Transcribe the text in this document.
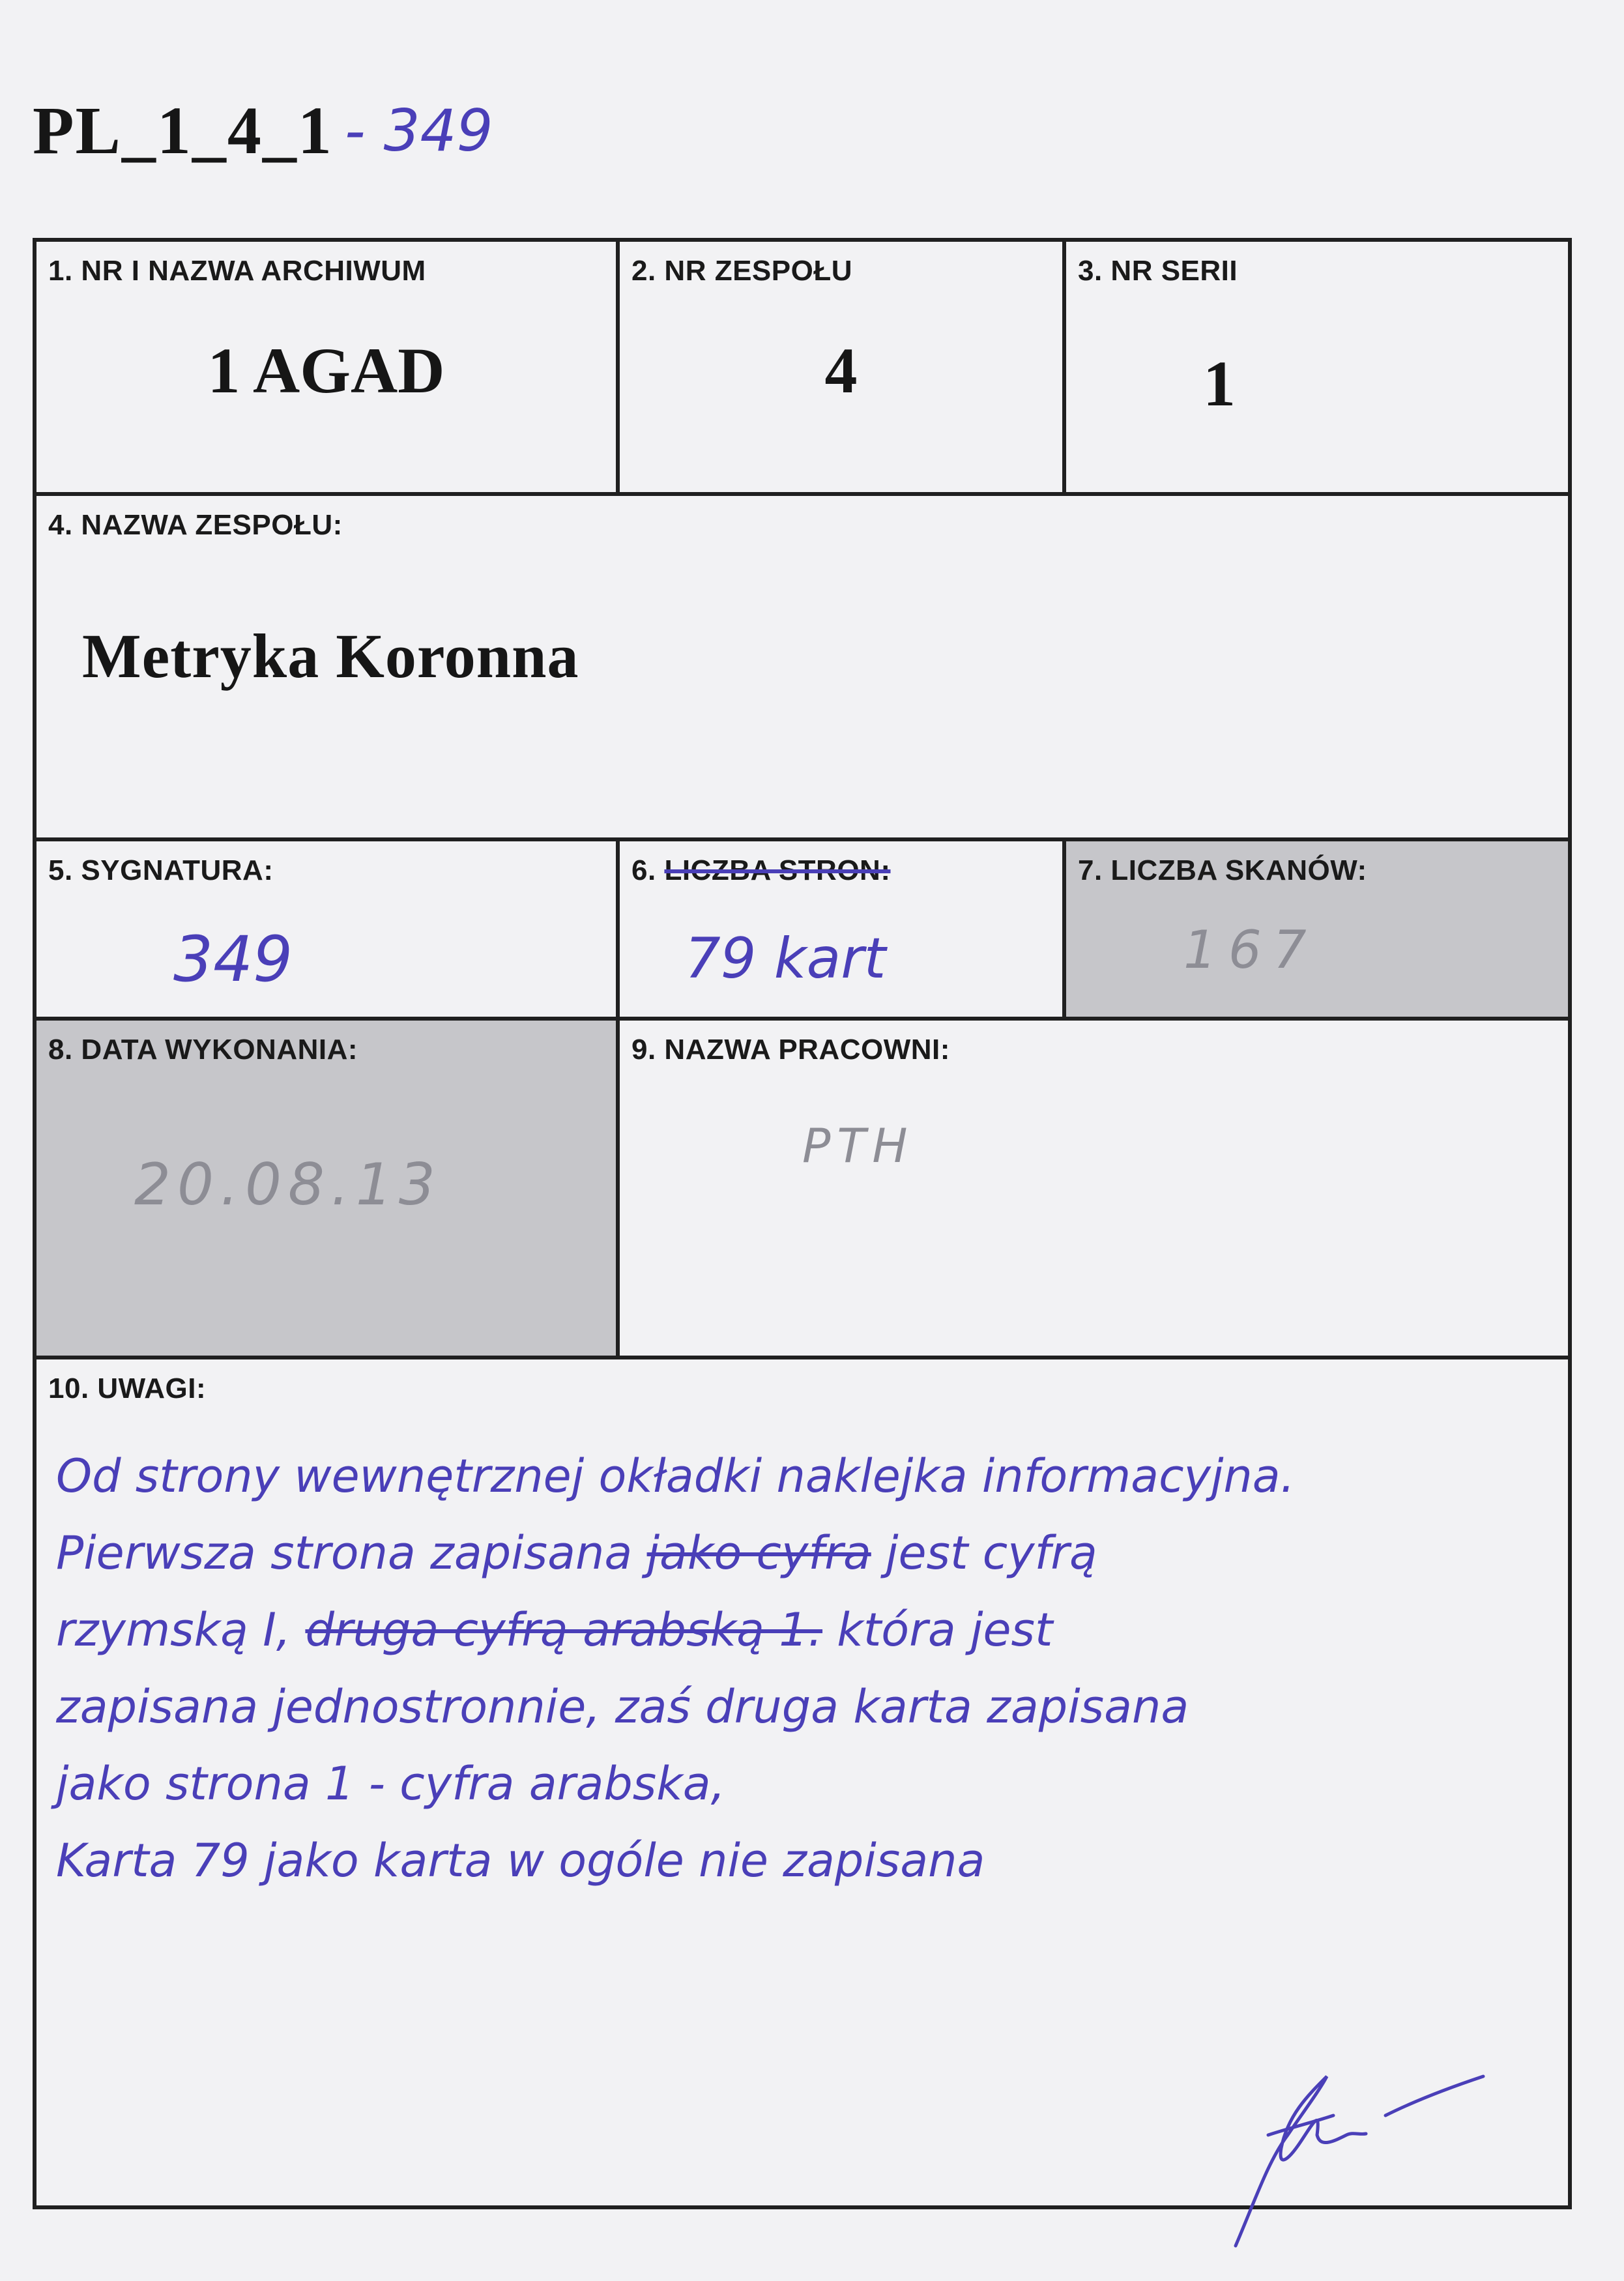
PL_1_4_1 - 349
1. NR I NAZWA ARCHIWUM
1 AGAD
2. NR ZESPOŁU
4
3. NR SERII
1
4. NAZWA ZESPOŁU:
Metryka Koronna
5. SYGNATURA:
349
6. LICZBA STRON:
79 kart
7. LICZBA SKANÓW:
167
8. DATA WYKONANIA:
20.08.13
9. NAZWA PRACOWNI:
PTH
10. UWAGI:
Od strony wewnętrznej okładki naklejka informacyjna.
Pierwsza strona zapisana jako cyfra jest cyfrą
rzymską I, druga cyfrą arabską 1. która jest
zapisana jednostronnie, zaś druga karta zapisana
jako strona 1 - cyfra arabska,
Karta 79 jako karta w ogóle nie zapisana
